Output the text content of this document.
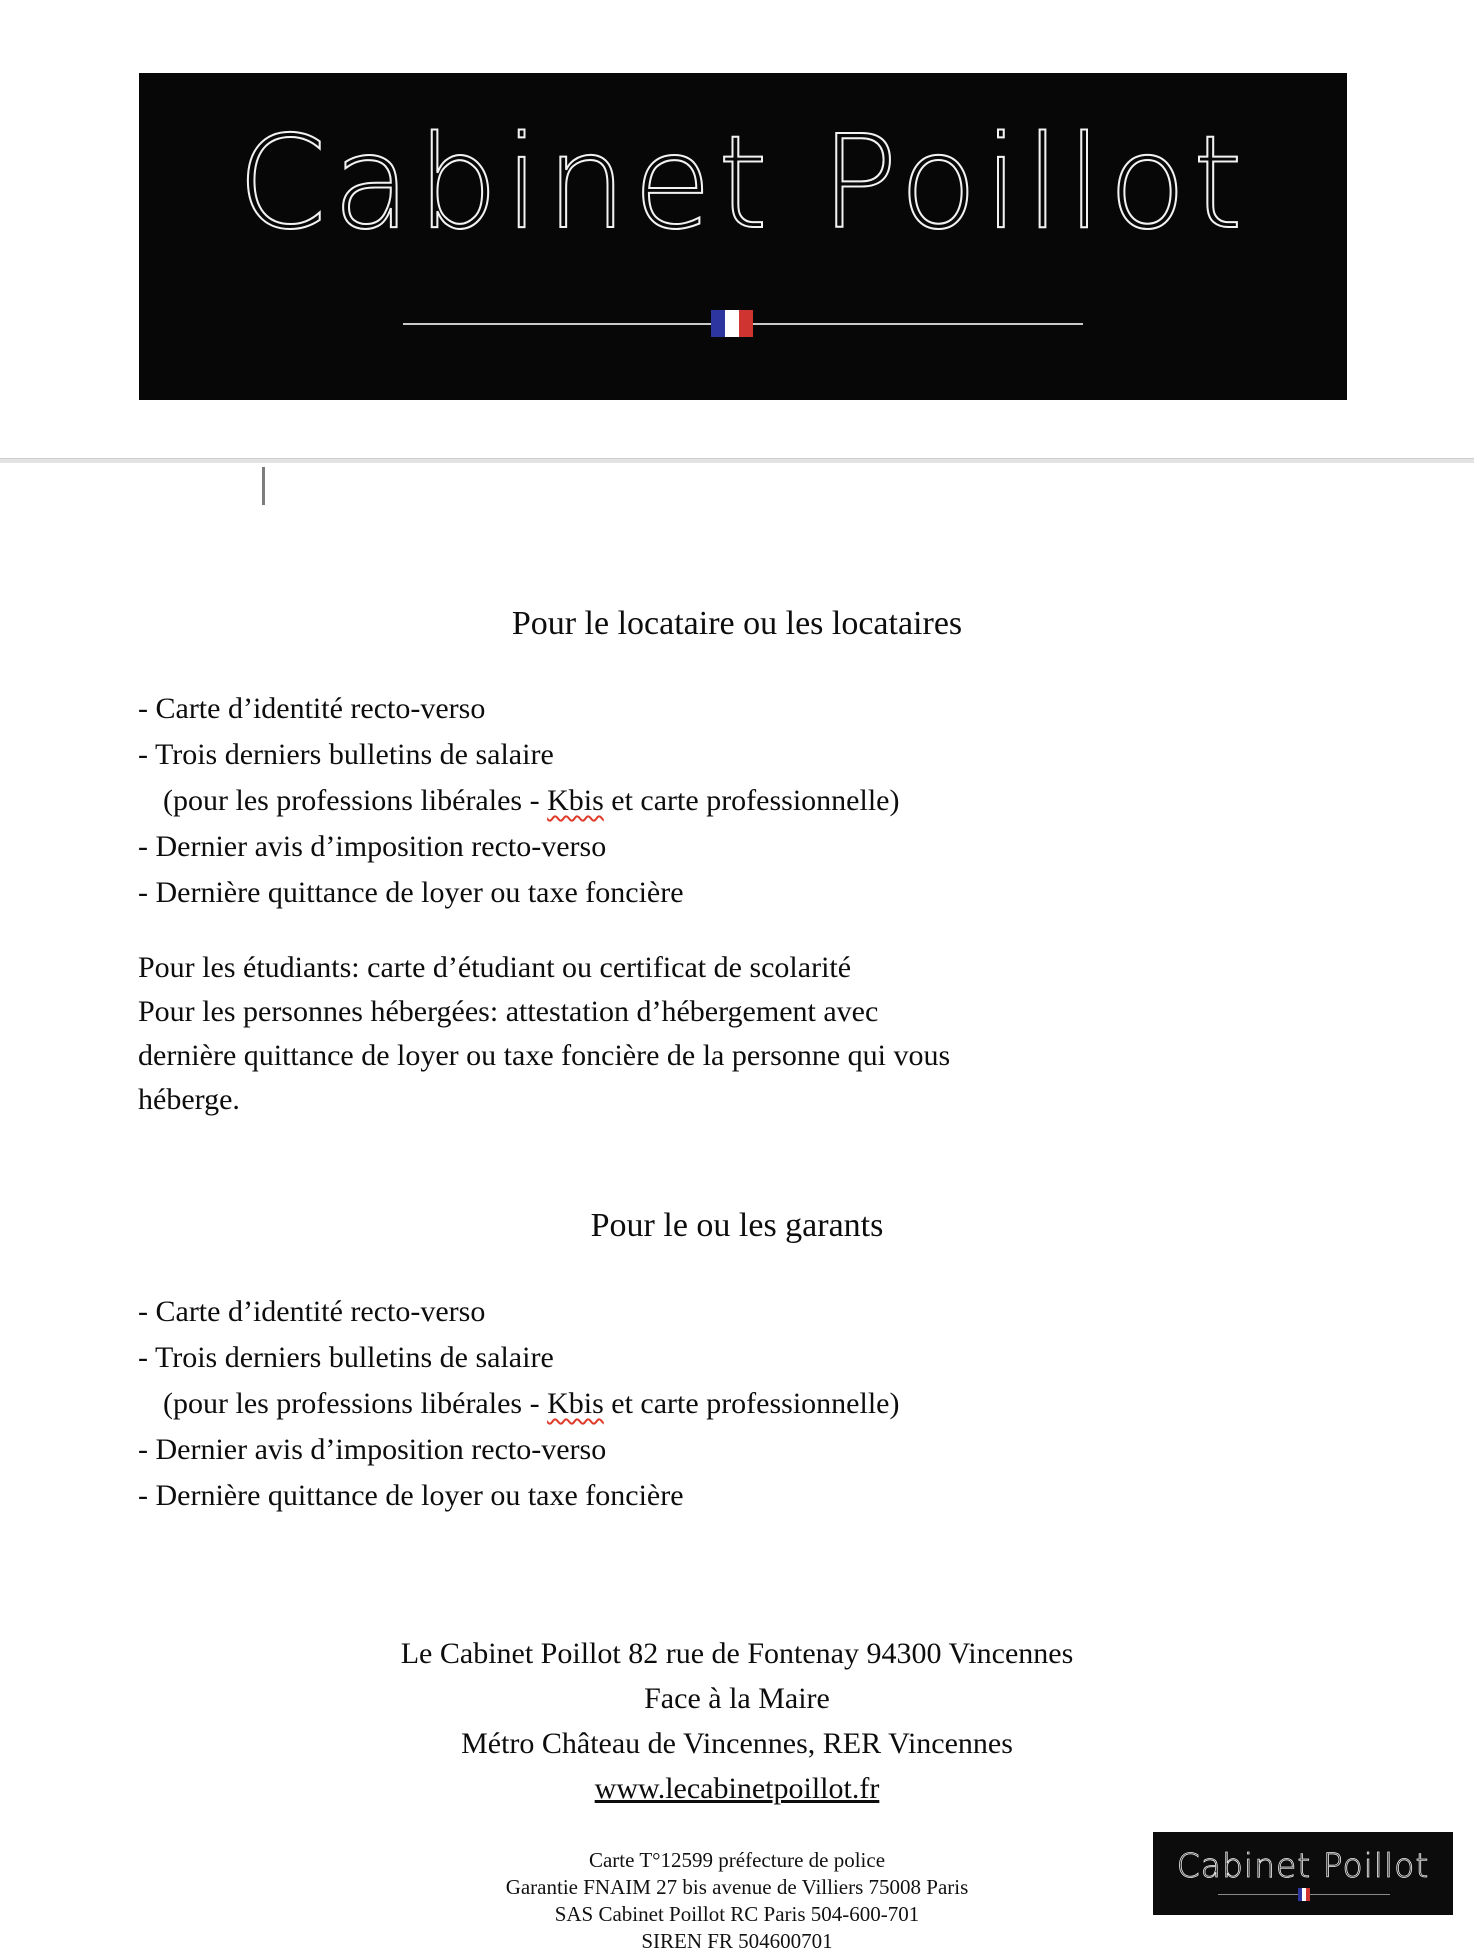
Cabinet Poillot
Pour le locataire ou les locataires
- Carte d’identité recto-verso
- Trois derniers bulletins de salaire
(pour les professions libérales - Kbis et carte professionnelle)
- Dernier avis d’imposition recto-verso
- Dernière quittance de loyer ou taxe foncière
Pour les étudiants: carte d’étudiant ou certificat de scolarité
Pour les personnes hébergées: attestation d’hébergement avec
dernière quittance de loyer ou taxe foncière de la personne qui vous
héberge.
Pour le ou les garants
- Carte d’identité recto-verso
- Trois derniers bulletins de salaire
(pour les professions libérales - Kbis et carte professionnelle)
- Dernier avis d’imposition recto-verso
- Dernière quittance de loyer ou taxe foncière
Le Cabinet Poillot 82 rue de Fontenay 94300 Vincennes
Face à la Maire
Métro Château de Vincennes, RER Vincennes
www.lecabinetpoillot.fr
Carte T°12599 préfecture de police
Garantie FNAIM 27 bis avenue de Villiers 75008 Paris
SAS Cabinet Poillot RC Paris 504-600-701
SIREN FR 504600701
Cabinet Poillot
